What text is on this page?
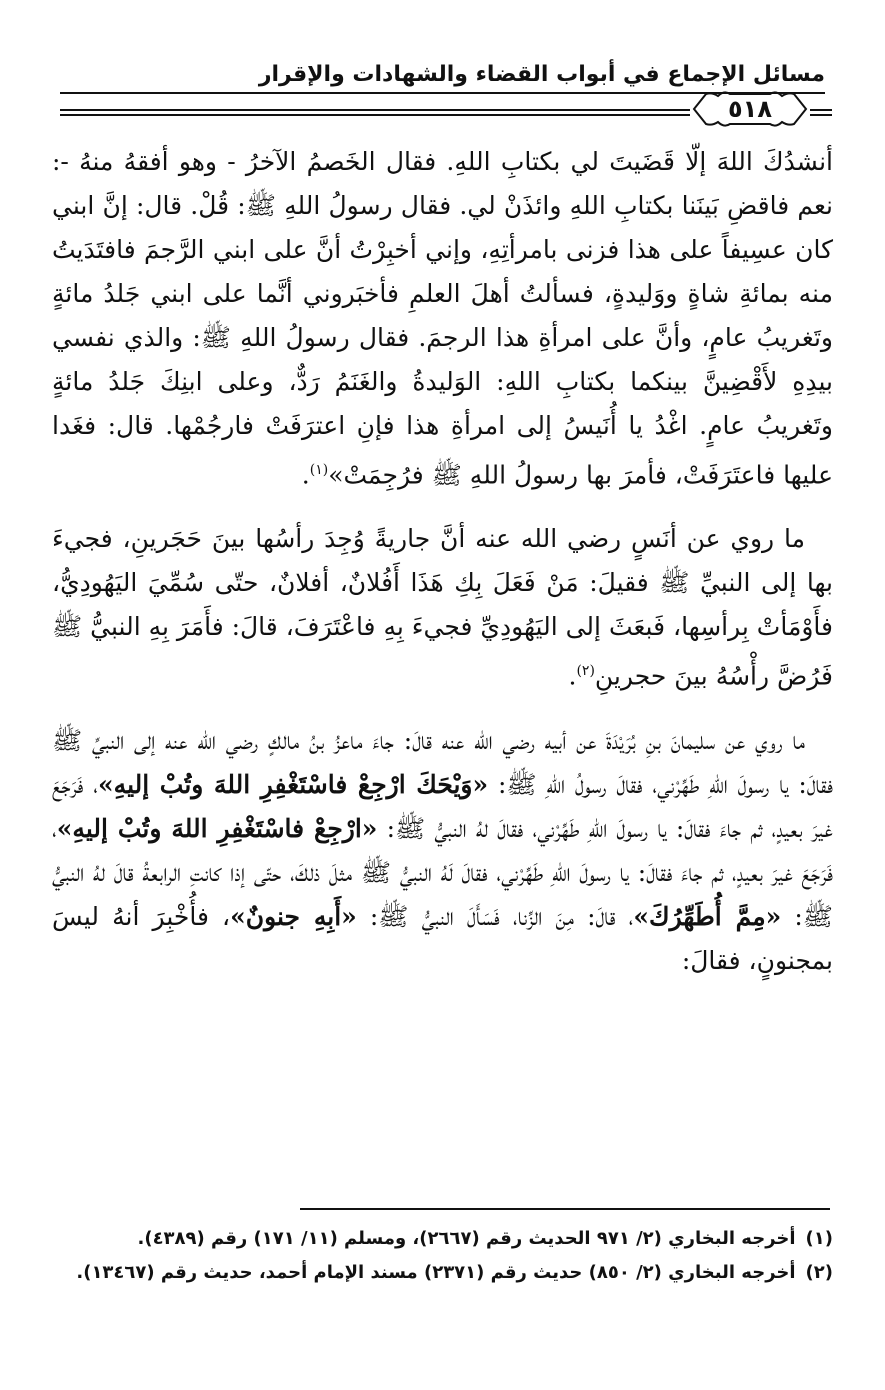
مسائل الإجماع في أبواب القضاء والشهادات والإقرار
٥١٨

أنشدُكَ اللهَ إلّا قَضَيتَ لي بكتابِ اللهِ. فقال الخَصمُ الآخرُ - وهو أفقهُ منهُ -: نعم فاقضِ بَينَنا بكتابِ اللهِ وائذَنْ لي. فقال رسولُ اللهِ ﷺ: قُلْ. قال: إنَّ ابني كان عسِيفاً على هذا فزنى بامرأتِهِ، وإني أخبِرْتُ أنَّ على ابني الرَّجمَ فافتَدَيتُ منه بمائةِ شاةٍ ووَليدةٍ، فسألتُ أهلَ العلمِ فأخبَروني أنَّما على ابني جَلدُ مائةٍ وتَغريبُ عامٍ، وأنَّ على امرأةِ هذا الرجمَ. فقال رسولُ اللهِ ﷺ: والذي نفسي بيدِهِ لأَقْضِينَّ بينكما بكتابِ اللهِ: الوَليدةُ والغَنَمُ رَدٌّ، وعلى ابنِكَ جَلدُ مائةٍ وتَغريبُ عامٍ. اغْدُ يا أُنَيسُ إلى امرأةِ هذا فإنِ اعترَفَتْ فارجُمْها. قال: فغَدا عليها فاعتَرَفَتْ، فأمرَ بها رسولُ اللهِ ﷺ فرُجِمَتْ»$^{(١)}$.

ما روي عن أنَسٍ رضي الله عنه أنَّ جاريةً وُجِدَ رأسُها بينَ حَجَرينِ، فجيءَ بها إلى النبيِّ ﷺ فقيلَ: مَنْ فَعَلَ بِكِ هَذَا أَفُلانٌ، أفلانٌ، حتّى سُمِّيَ اليَهُودِيُّ، فأَوْمَأتْ بِرأسِها، فَبعَثَ إلى اليَهُودِيِّ فجيءَ بِهِ فاعْتَرَفَ، قالَ: فأَمَرَ بِهِ النبيُّ ﷺ فَرُضَّ رأْسُهُ بينَ حجرينِ$^{(٢)}$.

ما روي عن سليمانَ بنِ بُرَيْدَةَ عن أبيه رضي الله عنه قالَ: جاءَ ماعزُ بنُ مالكٍ رضي الله عنه إلى النبيِّ ﷺ فقالَ: يا رسولَ اللهِ طَهِّرْني، فقالَ رسولُ اللهِ ﷺ: «وَيْحَكَ ارْجِعْ فاسْتَغْفِرِ اللهَ وتُبْ إليهِ»، فَرَجَعَ غيرَ بعيدٍ، ثم جاءَ فقالَ: يا رسولَ اللهِ طَهِّرْني، فقالَ لهُ النبيُّ ﷺ: «ارْجِعْ فاسْتَغْفِرِ اللهَ وتُبْ إليهِ»، فَرَجَعَ غيرَ بعيدٍ، ثم جاءَ فقالَ: يا رسولَ اللهِ طَهِّرْني، فقالَ لَهُ النبيُّ ﷺ مثلَ ذلكَ، حتّى إذا كانتِ الرابعةُ قالَ لهُ النبيُّ ﷺ: «مِمَّ أُطَهِّرُكَ»، قالَ: مِنَ الزِّنا، فَسَأَلَ النبيُّ ﷺ: «أَبِهِ جنونٌ»، فأُخْبِرَ أنهُ ليسَ بمجنونٍ، فقالَ:

(١)أخرجه البخاري (٢/ ٩٧١ الحديث رقم (٢٦٦٧)، ومسلم (١١/ ١٧١) رقم (٤٣٨٩).

(٢)أخرجه البخاري (٢/ ٨٥٠) حديث رقم (٢٣٧١) مسند الإمام أحمد، حديث رقم (١٣٤٦٧).
